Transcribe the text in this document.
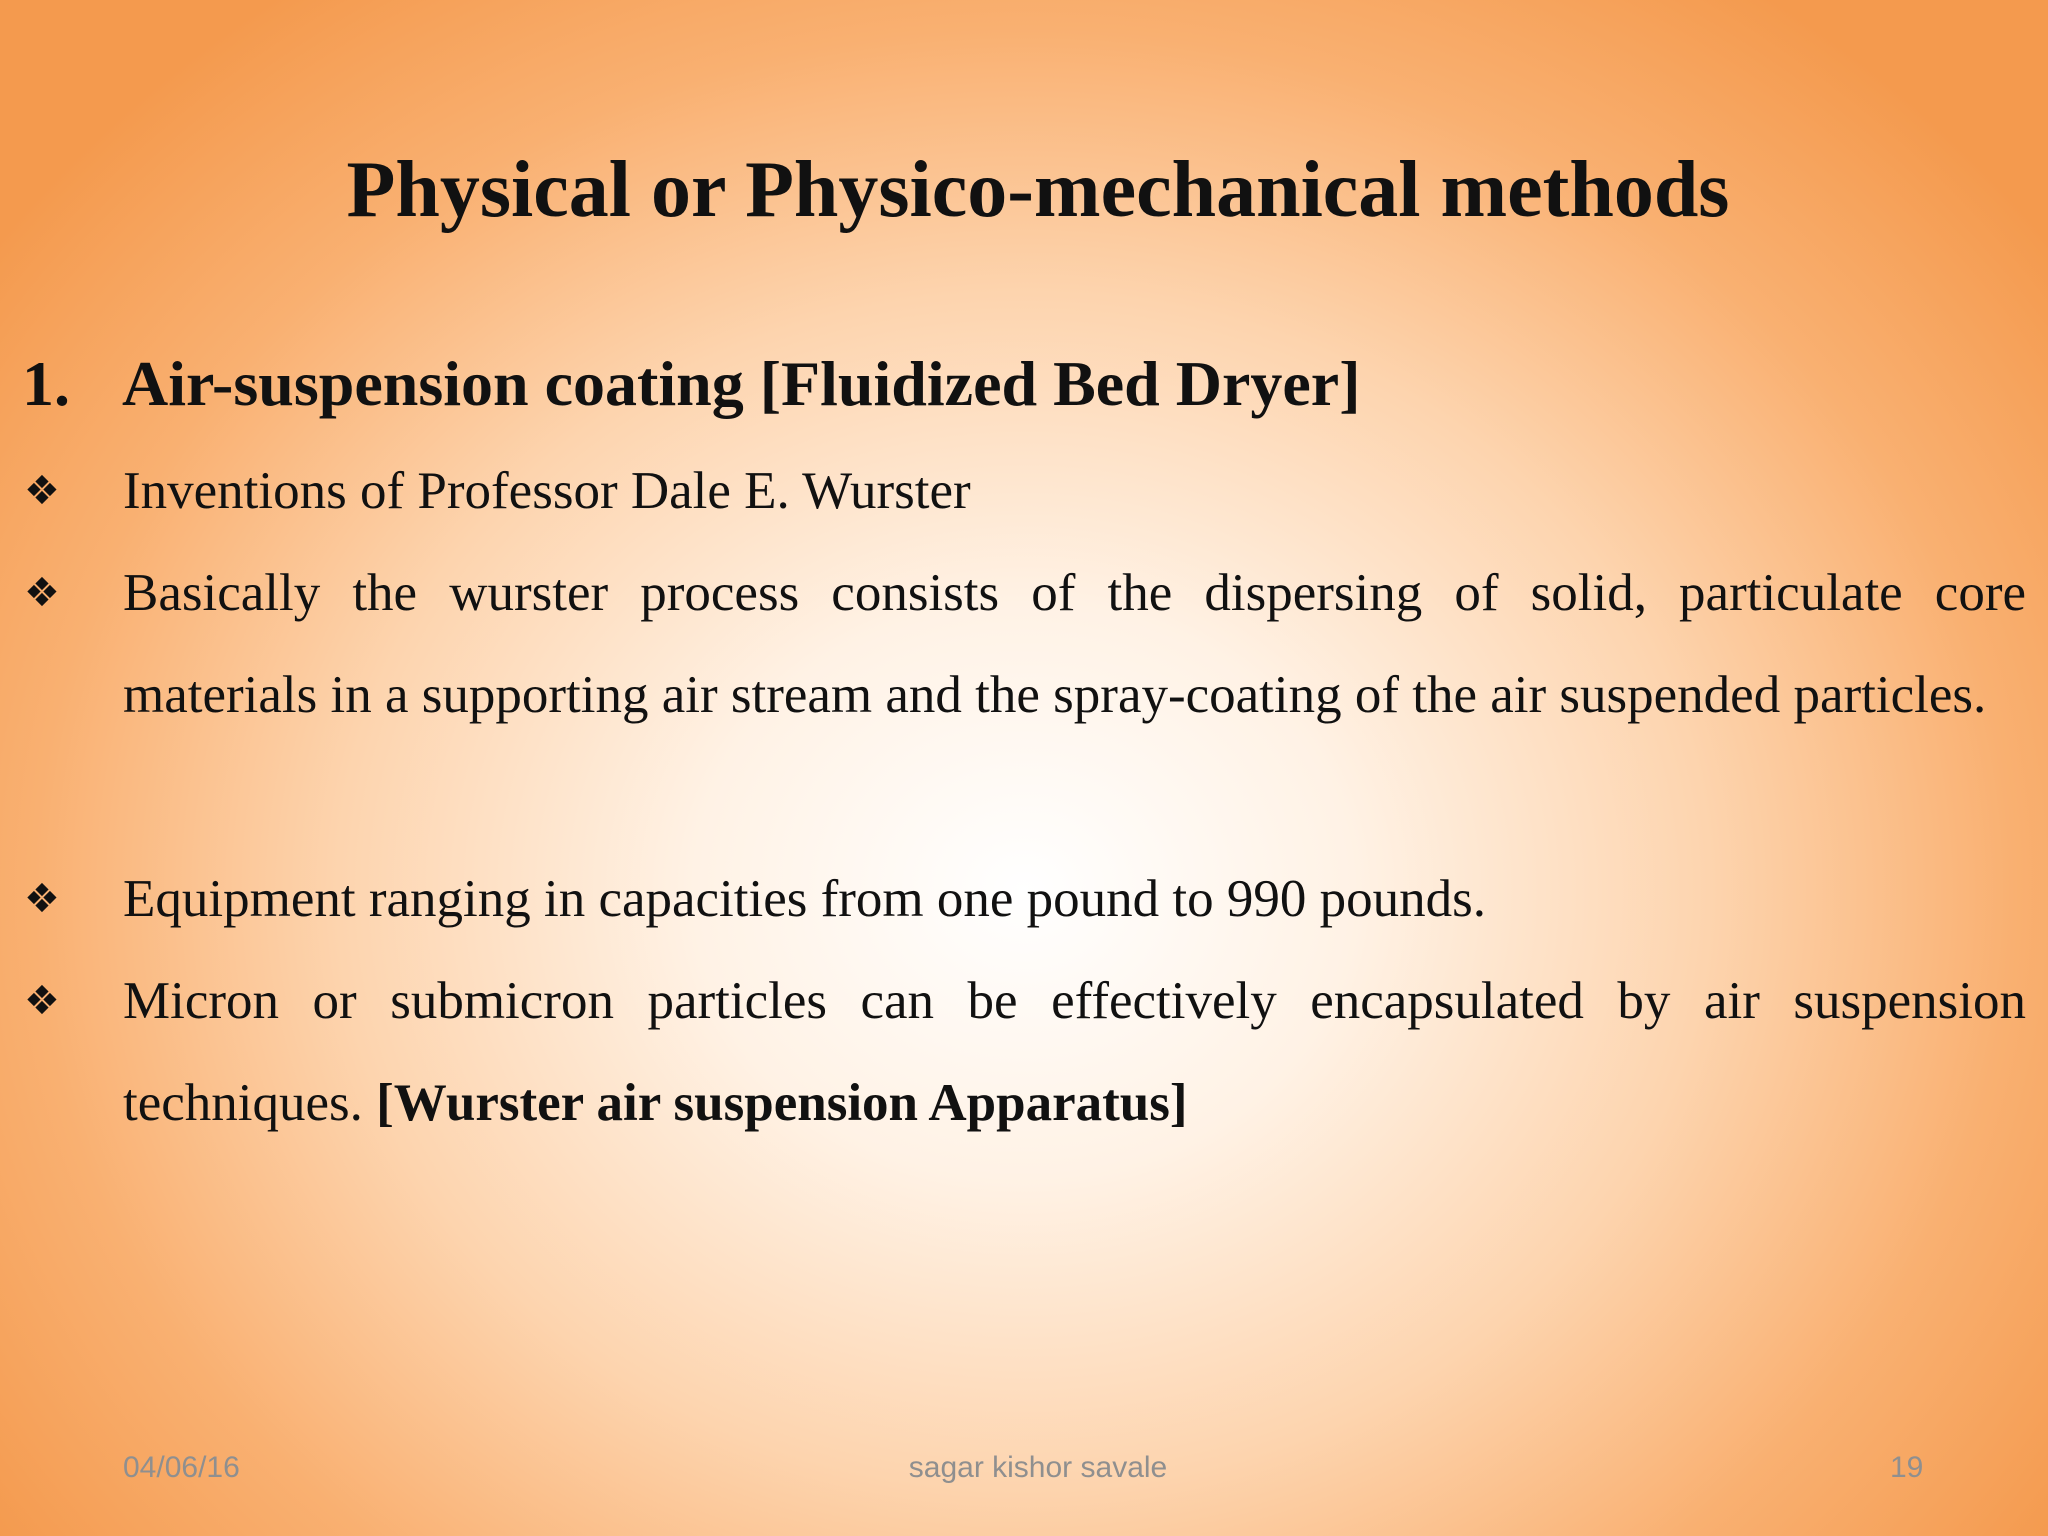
Physical or Physico-mechanical methods
1. Air-suspension coating [Fluidized Bed Dryer]
❖ Inventions of Professor Dale E. Wurster
❖ Basically the wurster process consists of the dispersing of solid, particulate core materials in a supporting air stream and the spray-coating of the air suspended particles.
❖ Equipment ranging in capacities from one pound to 990 pounds.
❖ Micron or submicron particles can be effectively encapsulated by air suspension techniques. [Wurster air suspension Apparatus]
04/06/16	sagar kishor savale	19
